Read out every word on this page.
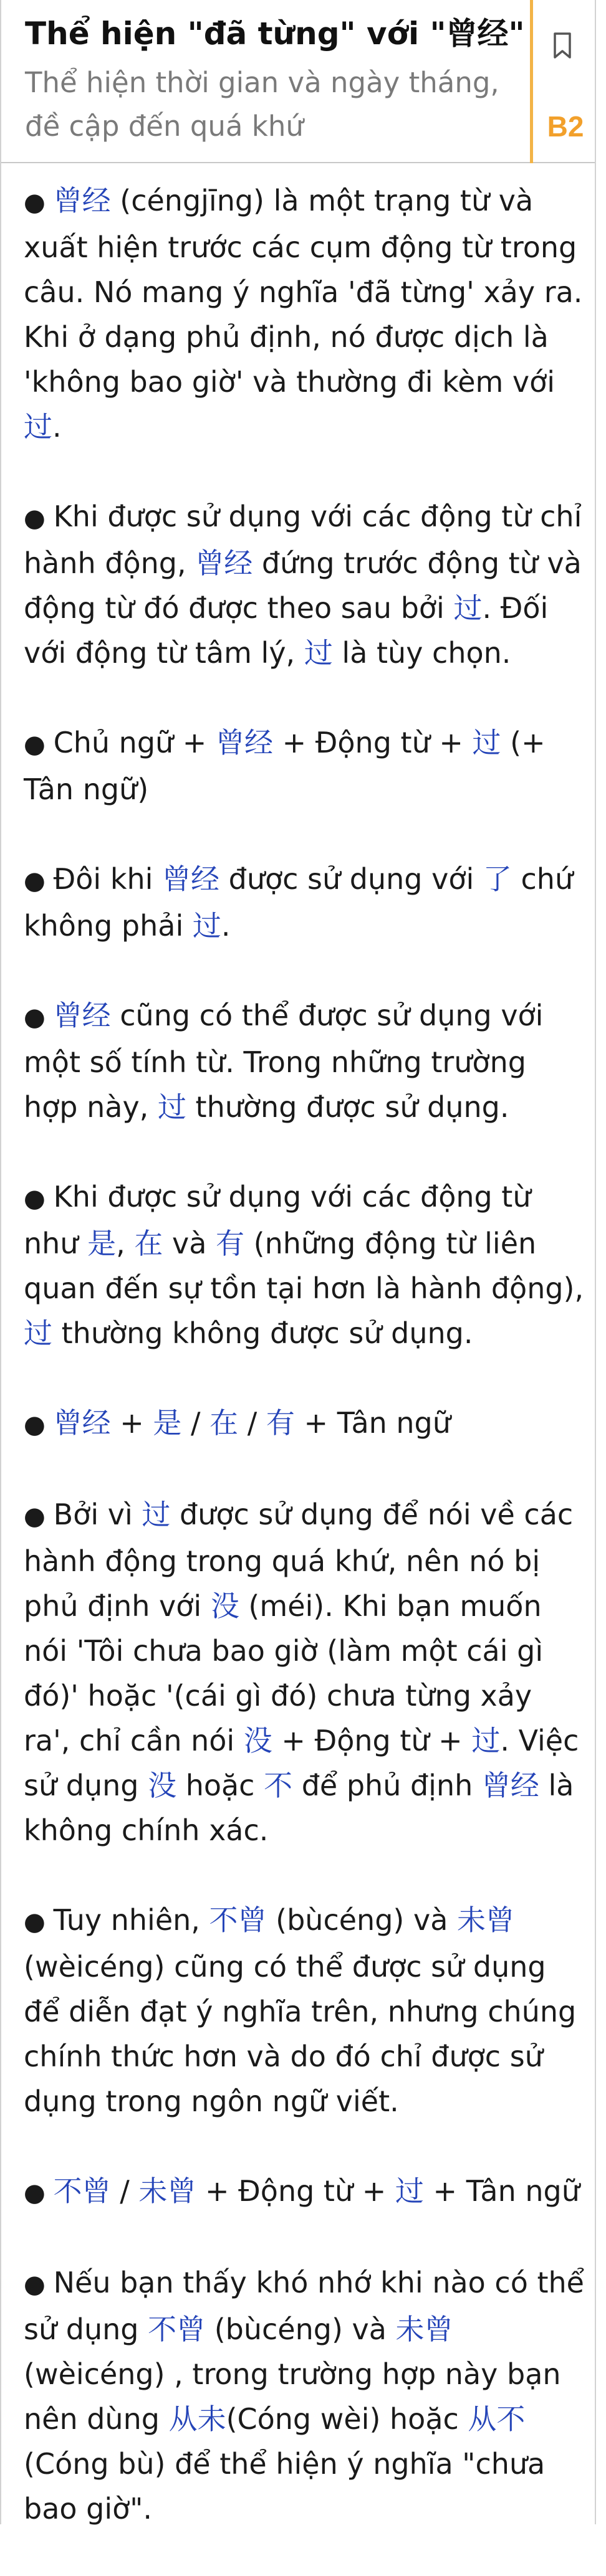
Thể hiện "đã từng" với "曾经"
Thể hiện thời gian và ngày tháng, đề cập đến quá khứ	B2

● 曾经 (céngjīng) là một trạng từ và xuất hiện trước các cụm động từ trong câu. Nó mang ý nghĩa 'đã từng' xảy ra. Khi ở dạng phủ định, nó được dịch là 'không bao giờ' và thường đi kèm với 过.

● Khi được sử dụng với các động từ chỉ hành động, 曾经 đứng trước động từ và động từ đó được theo sau bởi 过. Đối với động từ tâm lý, 过 là tùy chọn.

● Chủ ngữ + 曾经 + Động từ + 过 (+ Tân ngữ)

● Đôi khi 曾经 được sử dụng với 了 chứ không phải 过.

● 曾经 cũng có thể được sử dụng với một số tính từ. Trong những trường hợp này, 过 thường được sử dụng.

● Khi được sử dụng với các động từ như 是, 在 và 有 (những động từ liên quan đến sự tồn tại hơn là hành động), 过 thường không được sử dụng.

● 曾经 + 是 / 在 / 有 + Tân ngữ

● Bởi vì 过 được sử dụng để nói về các hành động trong quá khứ, nên nó bị phủ định với 没 (méi). Khi bạn muốn nói 'Tôi chưa bao giờ (làm một cái gì đó)' hoặc '(cái gì đó) chưa từng xảy ra', chỉ cần nói 没 + Động từ + 过. Việc sử dụng 没 hoặc 不 để phủ định 曾经 là không chính xác.

● Tuy nhiên, 不曾 (bùcéng) và 未曾 (wèicéng) cũng có thể được sử dụng để diễn đạt ý nghĩa trên, nhưng chúng chính thức hơn và do đó chỉ được sử dụng trong ngôn ngữ viết.

● 不曾 / 未曾 + Động từ + 过 + Tân ngữ

● Nếu bạn thấy khó nhớ khi nào có thể sử dụng 不曾 (bùcéng) và 未曾 (wèicéng) , trong trường hợp này bạn nên dùng 从未(Cóng wèi) hoặc 从不 (Cóng bù) để thể hiện ý nghĩa "chưa bao giờ".
